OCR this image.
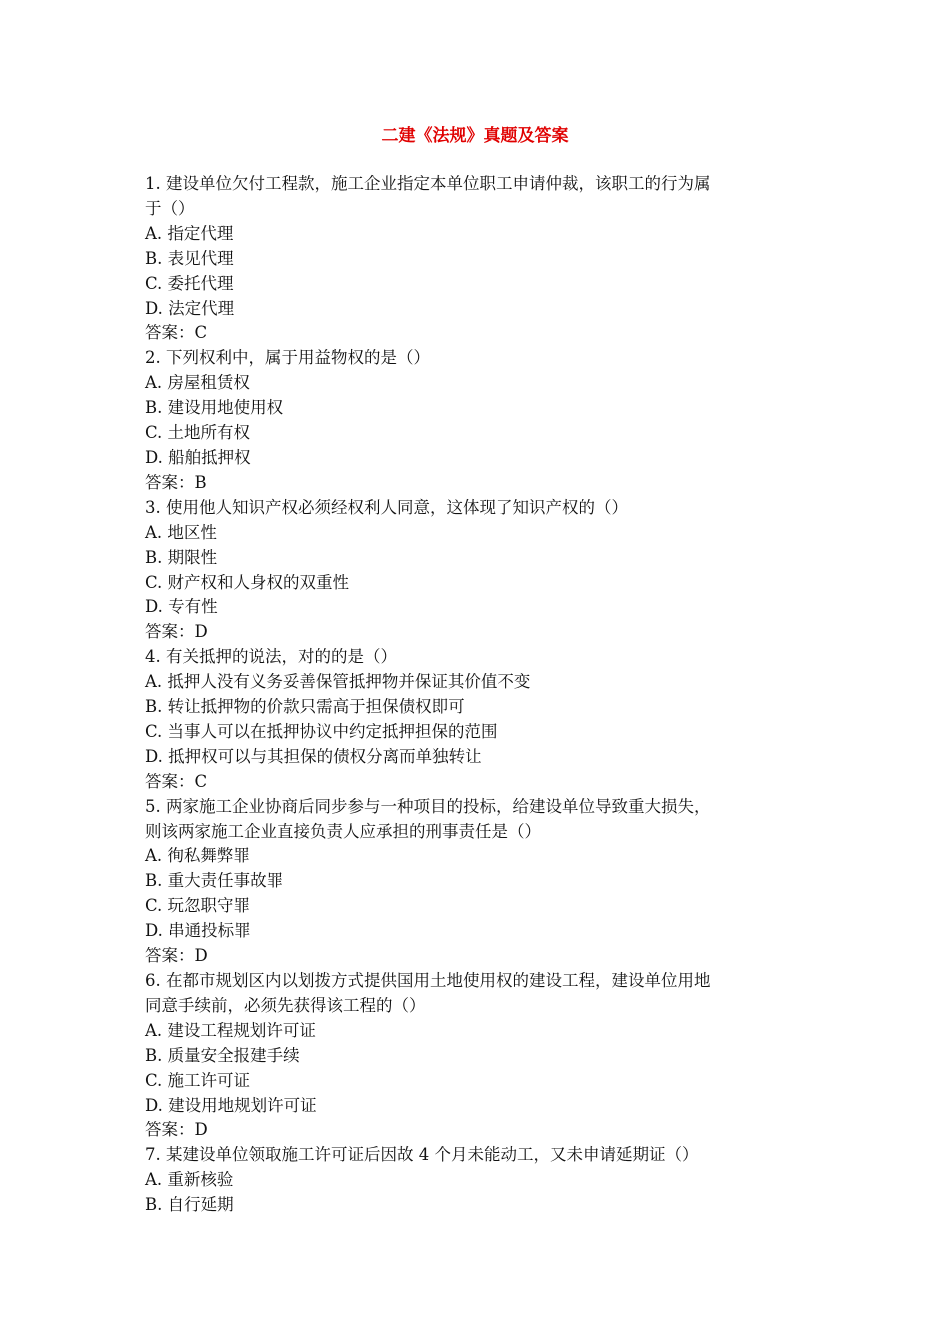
二建《法规》真题及答案

1. 建设单位欠付工程款，施工企业指定本单位职工申请仲裁，该职工的行为属

于（）

A. 指定代理

B. 表见代理

C. 委托代理

D. 法定代理

答案：C

2. 下列权利中，属于用益物权的是（）

A. 房屋租赁权

B. 建设用地使用权

C. 土地所有权

D. 船舶抵押权

答案：B

3. 使用他人知识产权必须经权利人同意，这体现了知识产权的（）

A. 地区性

B. 期限性

C. 财产权和人身权的双重性

D. 专有性

答案：D

4. 有关抵押的说法，对的的是（）

A. 抵押人没有义务妥善保管抵押物并保证其价值不变

B. 转让抵押物的价款只需高于担保债权即可

C. 当事人可以在抵押协议中约定抵押担保的范围

D. 抵押权可以与其担保的债权分离而单独转让

答案：C

5. 两家施工企业协商后同步参与一种项目的投标，给建设单位导致重大损失，

则该两家施工企业直接负责人应承担的刑事责任是（）

A. 徇私舞弊罪

B. 重大责任事故罪

C. 玩忽职守罪

D. 串通投标罪

答案：D

6. 在都市规划区内以划拨方式提供国用土地使用权的建设工程，建设单位用地

同意手续前，必须先获得该工程的（）

A. 建设工程规划许可证

B. 质量安全报建手续

C. 施工许可证

D. 建设用地规划许可证

答案：D

7. 某建设单位领取施工许可证后因故 4 个月未能动工，又未申请延期证（）

A. 重新核验

B. 自行延期
